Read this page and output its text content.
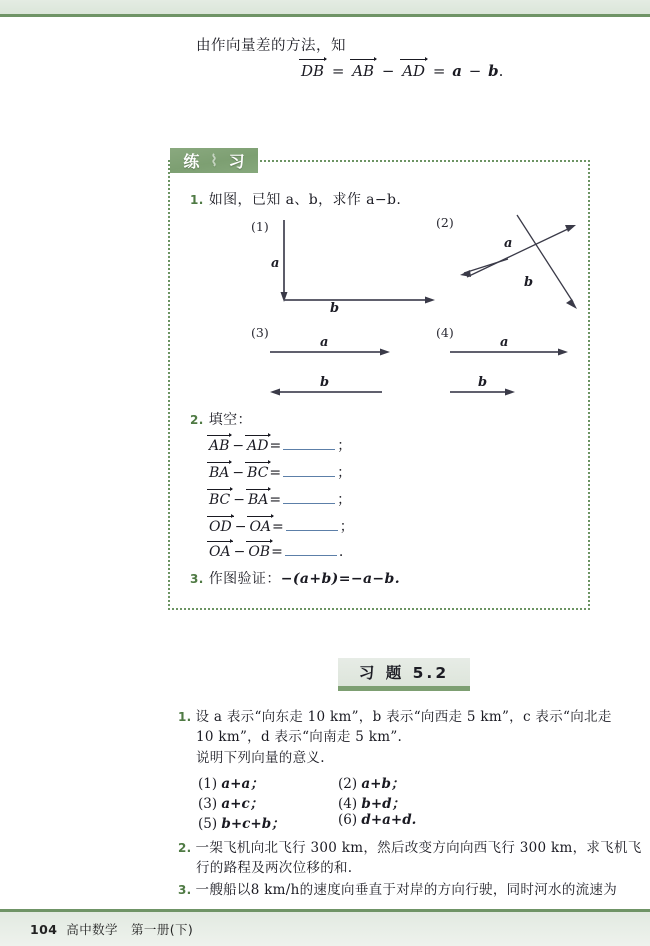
由作向量差的方法，知
DB = AB − AD = a − b.
练 ⌇ 习
1. 如图，已知 a、b，求作 a−b.
(1)
a
b
(2)
a
b
(3)
a
b
(4)
a
b
2. 填空：
AB − AD
=	；
BA − BC
=	；
BC − BA
=	；
OD − OA
=	；
OA − OB
=	.
3. 作图验证：−(a+b)=−a−b.
习 题 5.2
1. 设 a 表示“向东走 10 km”，b 表示“向西走 5 km”，c 表示“向北走
10 km”，d 表示“向南走 5 km”.
说明下列向量的意义.
(1) a+a；	(2) a+b；
(3) a+c；	(4) b+d；
(5) b+c+b；	(6) d+a+d.
2. 一架飞机向北飞行 300 km，然后改变方向向西飞行 300 km，求飞机飞
行的路程及两次位移的和.
3. 一艘船以8 km/h的速度向垂直于对岸的方向行驶，同时河水的流速为
104 高中数学 第一册(下)
